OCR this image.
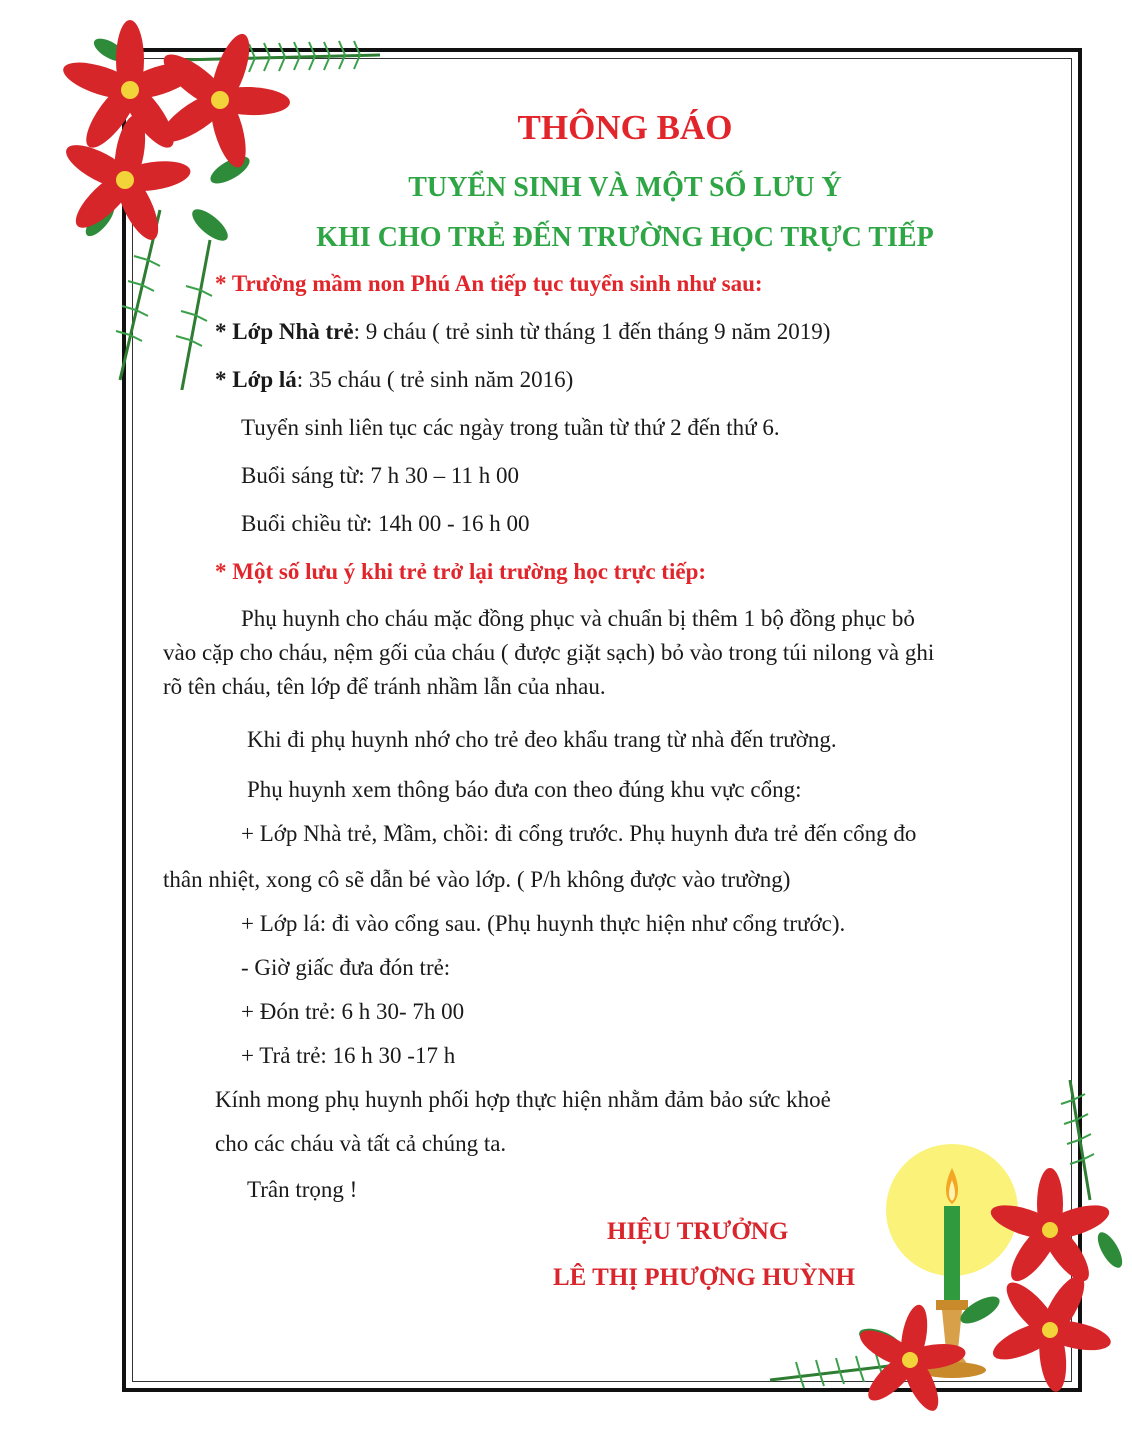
THÔNG BÁO
TUYỂN SINH VÀ MỘT SỐ LƯU Ý
KHI CHO TRẺ ĐẾN TRƯỜNG HỌC TRỰC TIẾP
* Trường mầm non Phú An tiếp tục tuyển sinh như sau:
* Lớp Nhà trẻ: 9 cháu ( trẻ sinh từ tháng 1 đến tháng 9 năm 2019)
* Lớp lá: 35 cháu ( trẻ sinh năm 2016)
Tuyển sinh liên tục các ngày trong tuần từ thứ 2 đến thứ 6.
Buổi sáng từ: 7 h 30 – 11 h 00
Buổi chiều từ: 14h 00 - 16 h 00
* Một số lưu ý khi trẻ trở lại trường học trực tiếp:
Phụ huynh cho cháu mặc đồng phục và chuẩn bị thêm 1 bộ đồng phục bỏ
vào cặp cho cháu, nệm gối của cháu ( được giặt sạch) bỏ vào trong túi nilong và ghi
rõ tên cháu, tên lớp để tránh nhầm lẫn của nhau.
Khi đi phụ huynh nhớ cho trẻ đeo khẩu trang từ nhà đến trường.
Phụ huynh xem thông báo đưa con theo đúng khu vực cổng:
+ Lớp Nhà trẻ, Mầm, chồi: đi cổng trước. Phụ huynh đưa trẻ đến cổng đo
thân nhiệt, xong cô sẽ dẫn bé vào lớp. ( P/h không được vào trường)
+ Lớp lá: đi vào cổng sau. (Phụ huynh thực hiện như cổng trước).
- Giờ giấc đưa đón trẻ:
+ Đón trẻ: 6 h 30- 7h 00
+ Trả trẻ: 16 h 30 -17 h
Kính mong phụ huynh phối hợp thực hiện nhằm đảm bảo sức khoẻ
cho các cháu và tất cả chúng ta.
Trân trọng !
HIỆU TRƯỞNG
LÊ THỊ PHƯỢNG HUỲNH
